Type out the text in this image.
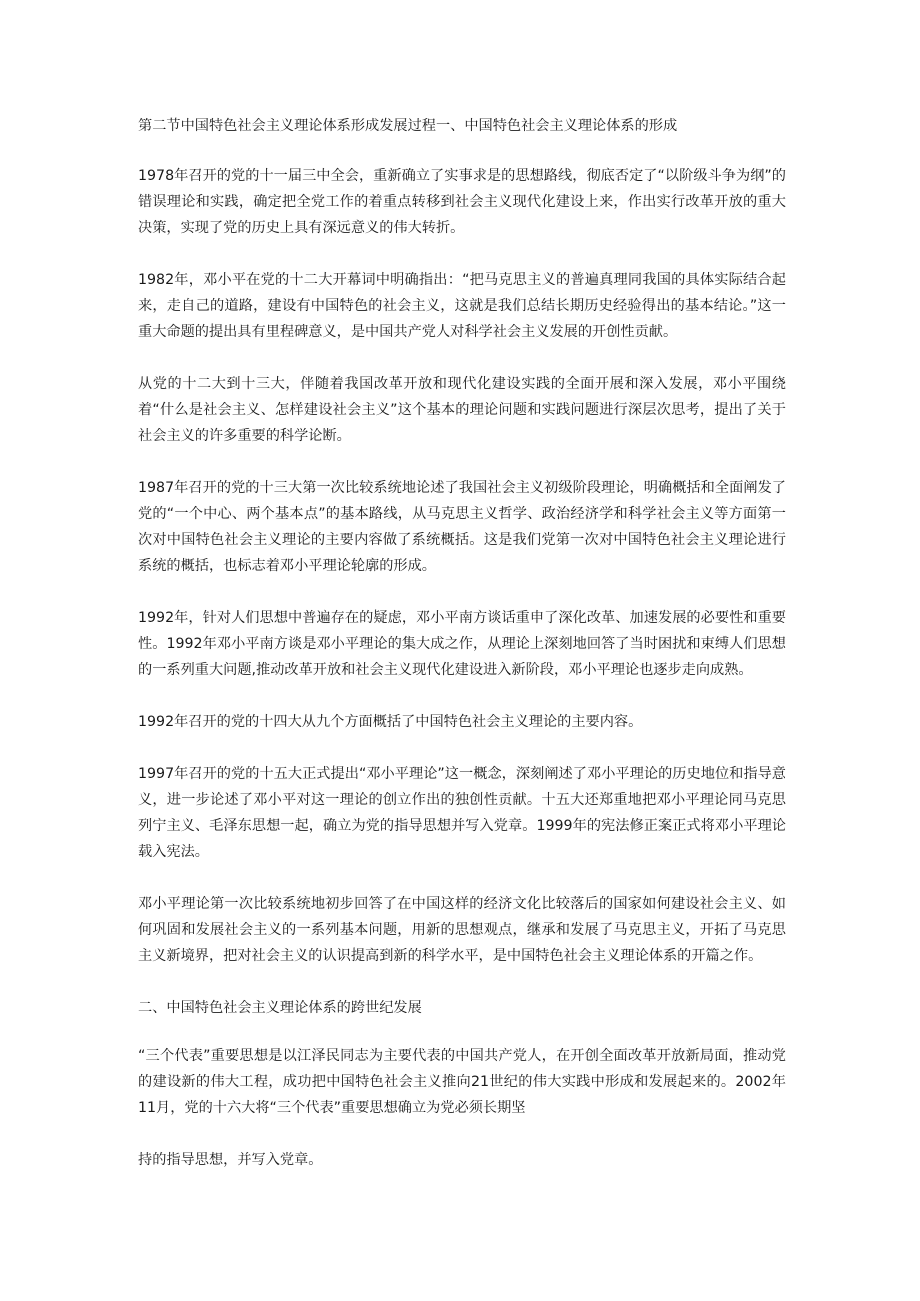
第二节中国特色社会主义理论体系形成发展过程一、中国特色社会主义理论体系的形成

1978年召开的党的十一届三中全会，重新确立了实事求是的思想路线，彻底否定了“以阶级斗争为纲”的错误理论和实践，确定把全党工作的着重点转移到社会主义现代化建设上来，作出实行改革开放的重大决策，实现了党的历史上具有深远意义的伟大转折。

1982年，邓小平在党的十二大开幕词中明确指出：“把马克思主义的普遍真理同我国的具体实际结合起来，走自己的道路，建设有中国特色的社会主义，这就是我们总结长期历史经验得出的基本结论。”这一重大命题的提出具有里程碑意义，是中国共产党人对科学社会主义发展的开创性贡献。

从党的十二大到十三大，伴随着我国改革开放和现代化建设实践的全面开展和深入发展，邓小平围绕着“什么是社会主义、怎样建设社会主义”这个基本的理论问题和实践问题进行深层次思考，提出了关于社会主义的许多重要的科学论断。

1987年召开的党的十三大第一次比较系统地论述了我国社会主义初级阶段理论，明确概括和全面阐发了党的“一个中心、两个基本点”的基本路线，从马克思主义哲学、政治经济学和科学社会主义等方面第一次对中国特色社会主义理论的主要内容做了系统概括。这是我们党第一次对中国特色社会主义理论进行系统的概括，也标志着邓小平理论轮廓的形成。

1992年，针对人们思想中普遍存在的疑虑，邓小平南方谈话重申了深化改革、加速发展的必要性和重要性。1992年邓小平南方谈是邓小平理论的集大成之作，从理论上深刻地回答了当时困扰和束缚人们思想的一系列重大问题,推动改革开放和社会主义现代化建设进入新阶段，邓小平理论也逐步走向成熟。

1992年召开的党的十四大从九个方面概括了中国特色社会主义理论的主要内容。

1997年召开的党的十五大正式提出“邓小平理论”这一概念，深刻阐述了邓小平理论的历史地位和指导意义，进一步论述了邓小平对这一理论的创立作出的独创性贡献。十五大还郑重地把邓小平理论同马克思列宁主义、毛泽东思想一起，确立为党的指导思想并写入党章。1999年的宪法修正案正式将邓小平理论载入宪法。

邓小平理论第一次比较系统地初步回答了在中国这样的经济文化比较落后的国家如何建设社会主义、如何巩固和发展社会主义的一系列基本问题，用新的思想观点，继承和发展了马克思主义，开拓了马克思主义新境界，把对社会主义的认识提高到新的科学水平，是中国特色社会主义理论体系的开篇之作。

二、中国特色社会主义理论体系的跨世纪发展

“三个代表”重要思想是以江泽民同志为主要代表的中国共产党人，在开创全面改革开放新局面，推动党的建设新的伟大工程，成功把中国特色社会主义推向21世纪的伟大实践中形成和发展起来的。2002年11月，党的十六大将“三个代表”重要思想确立为党必须长期坚

持的指导思想，并写入党章。
